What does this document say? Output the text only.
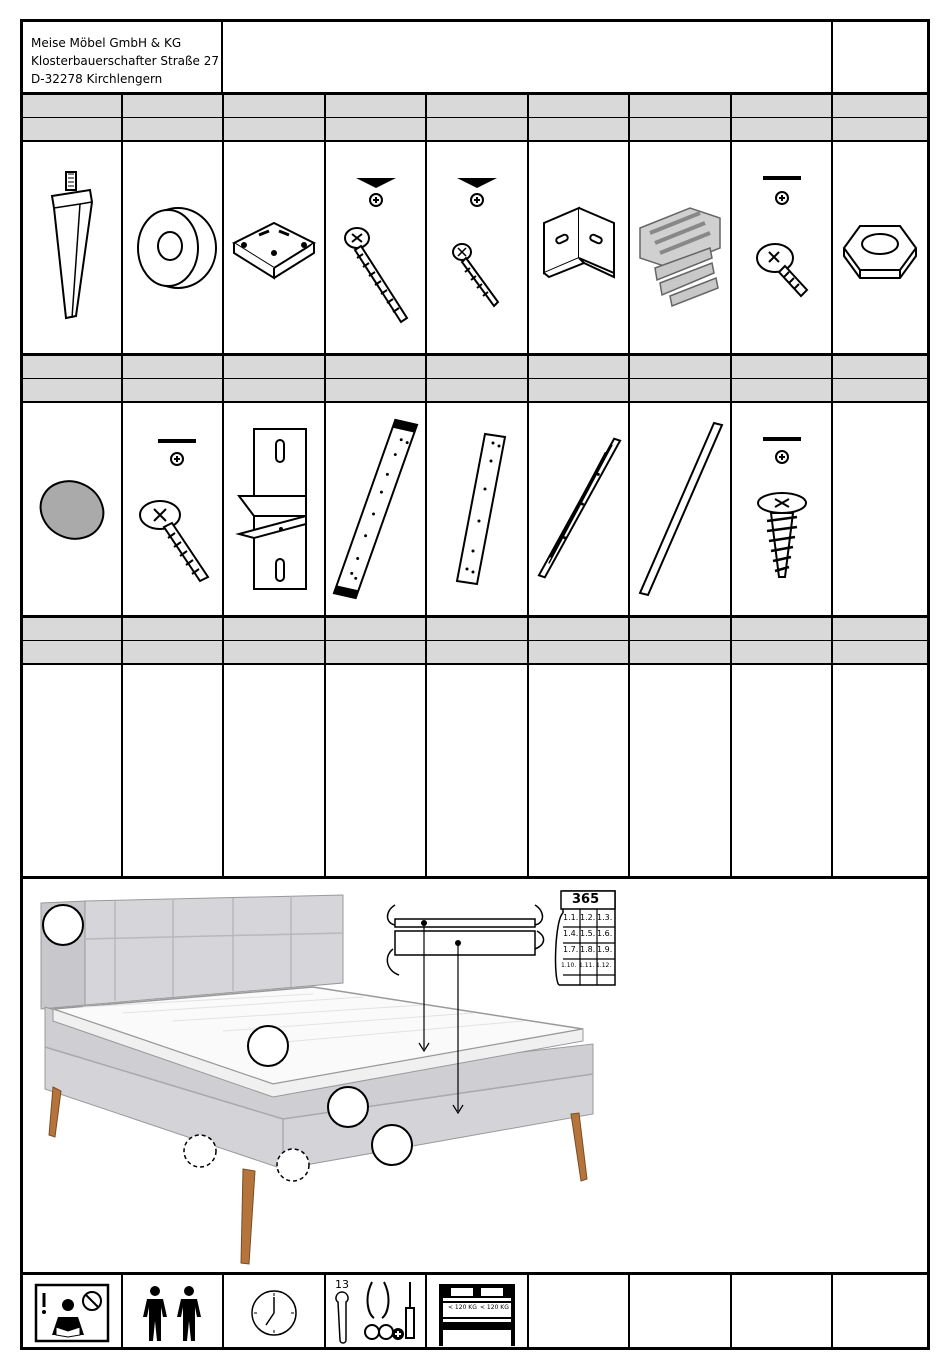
Meise Möbel GmbH & KG
Klosterbauerschafter Straße 27
D-32278 Kirchlengern
365
1.1. 1.2. 1.3.
1.4. 1.5. 1.6.
1.7. 1.8. 1.9.
1.10. 1.11. 1.12.
13
< 120 KG < 120 KG
